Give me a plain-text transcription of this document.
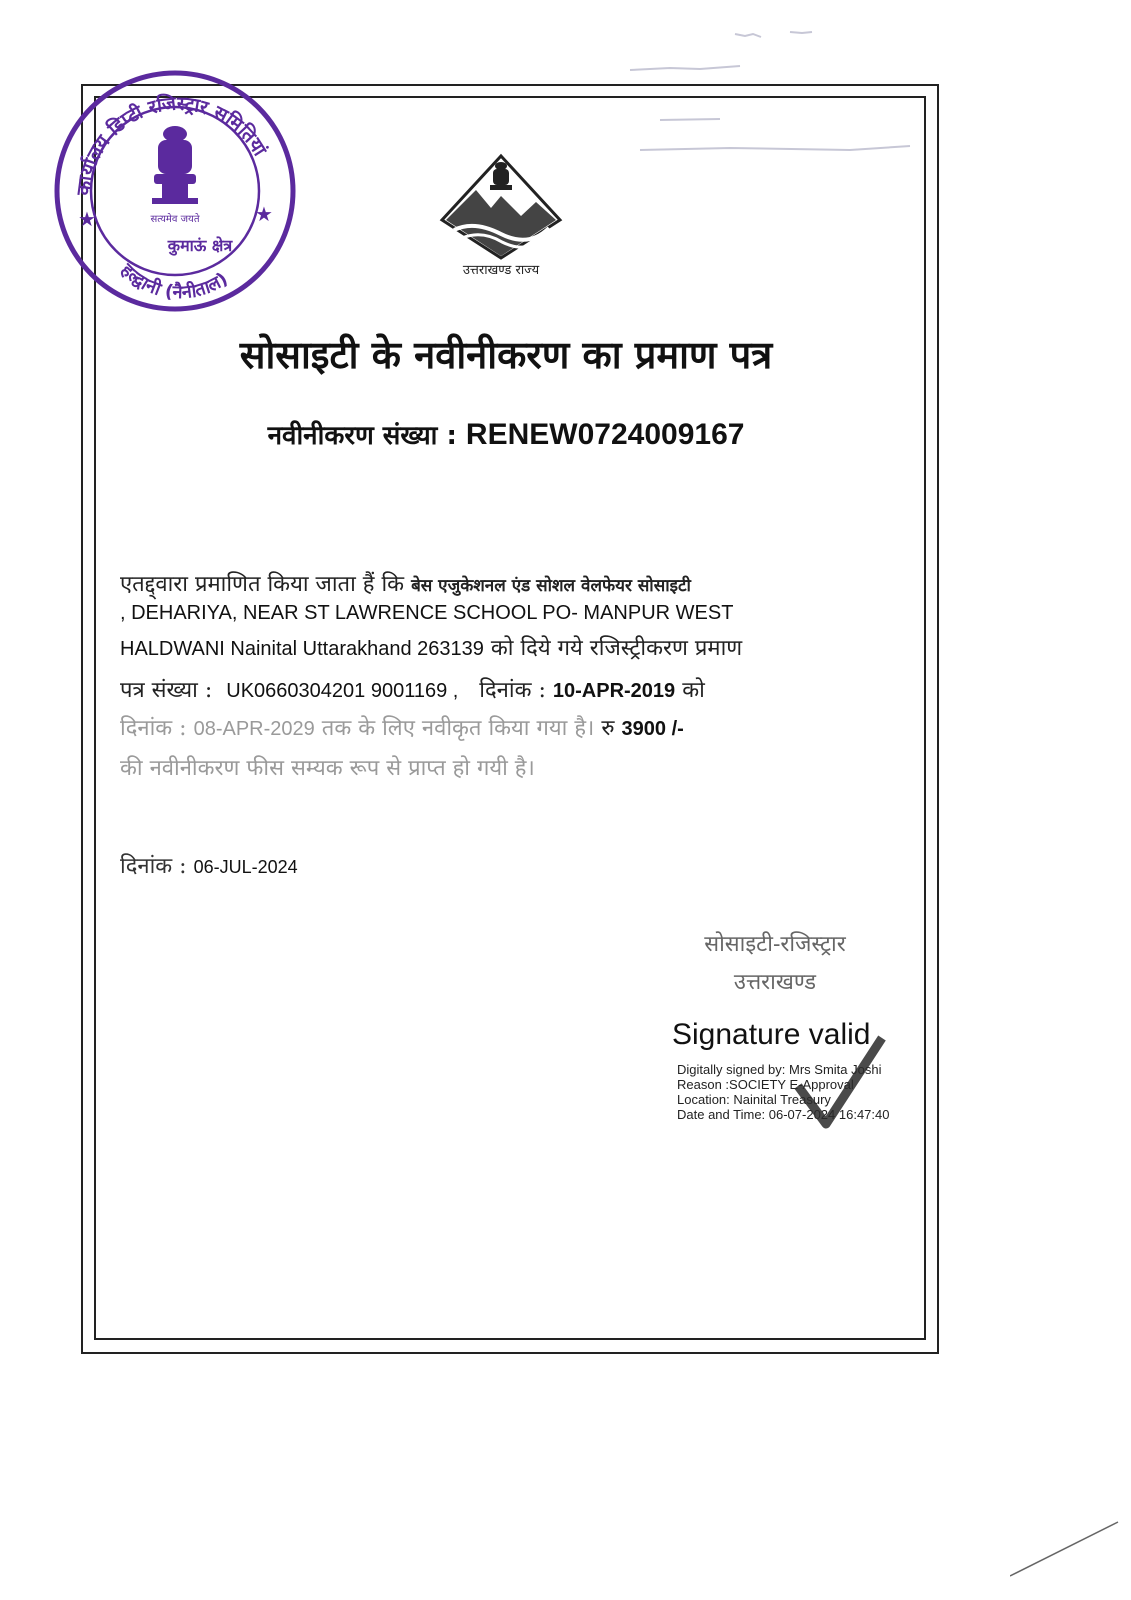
कार्यालय डिप्टी रजिस्ट्रार समितियां
हल्द्वानी (नैनीताल)
★	★
सत्यमेव जयते
कुमाऊं क्षेत्र
उत्तराखण्ड राज्य
सोसाइटी के नवीनीकरण का प्रमाण पत्र
नवीनीकरण संख्या : RENEW0724009167
एतद्द्वारा प्रमाणित किया जाता हैं कि बेस एजुकेशनल एंड सोशल वेलफेयर सोसाइटी
, DEHARIYA, NEAR ST LAWRENCE SCHOOL PO- MANPUR WEST
HALDWANI Nainital Uttarakhand 263139 को दिये गये रजिस्ट्रीकरण प्रमाण
पत्र संख्या : UK0660304201 9001169 , दिनांक : 10-APR-2019 को
दिनांक : 08-APR-2029 तक के लिए नवीकृत किया गया है। रु 3900 /-
की नवीनीकरण फीस सम्यक रूप से प्राप्त हो गयी है।
दिनांक : 06-JUL-2024
सोसाइटी-रजिस्ट्रार
उत्तराखण्ड
Signature valid
Digitally signed by: Mrs Smita Joshi
Reason :SOCIETY E-Approval
Location: Nainital Treasury
Date and Time: 06-07-2024 16:47:40
